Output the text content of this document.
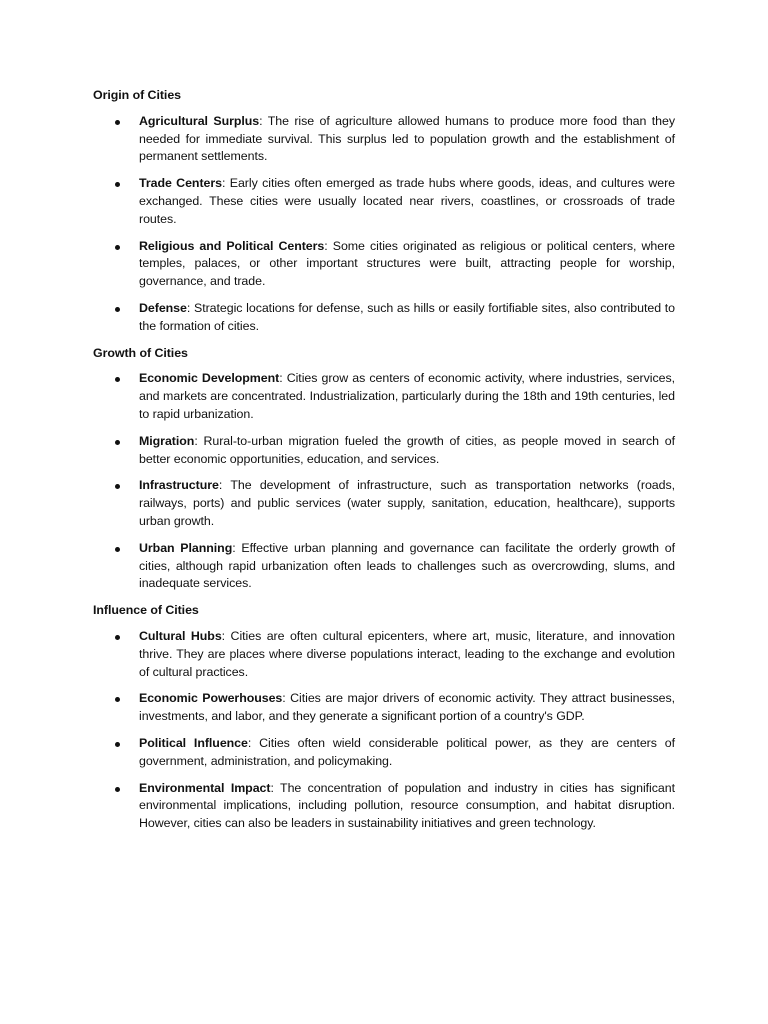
Origin of Cities
Agricultural Surplus: The rise of agriculture allowed humans to produce more food than they needed for immediate survival. This surplus led to population growth and the establishment of permanent settlements.
Trade Centers: Early cities often emerged as trade hubs where goods, ideas, and cultures were exchanged. These cities were usually located near rivers, coastlines, or crossroads of trade routes.
Religious and Political Centers: Some cities originated as religious or political centers, where temples, palaces, or other important structures were built, attracting people for worship, governance, and trade.
Defense: Strategic locations for defense, such as hills or easily fortifiable sites, also contributed to the formation of cities.
Growth of Cities
Economic Development: Cities grow as centers of economic activity, where industries, services, and markets are concentrated. Industrialization, particularly during the 18th and 19th centuries, led to rapid urbanization.
Migration: Rural-to-urban migration fueled the growth of cities, as people moved in search of better economic opportunities, education, and services.
Infrastructure: The development of infrastructure, such as transportation networks (roads, railways, ports) and public services (water supply, sanitation, education, healthcare), supports urban growth.
Urban Planning: Effective urban planning and governance can facilitate the orderly growth of cities, although rapid urbanization often leads to challenges such as overcrowding, slums, and inadequate services.
Influence of Cities
Cultural Hubs: Cities are often cultural epicenters, where art, music, literature, and innovation thrive. They are places where diverse populations interact, leading to the exchange and evolution of cultural practices.
Economic Powerhouses: Cities are major drivers of economic activity. They attract businesses, investments, and labor, and they generate a significant portion of a country's GDP.
Political Influence: Cities often wield considerable political power, as they are centers of government, administration, and policymaking.
Environmental Impact: The concentration of population and industry in cities has significant environmental implications, including pollution, resource consumption, and habitat disruption. However, cities can also be leaders in sustainability initiatives and green technology.
